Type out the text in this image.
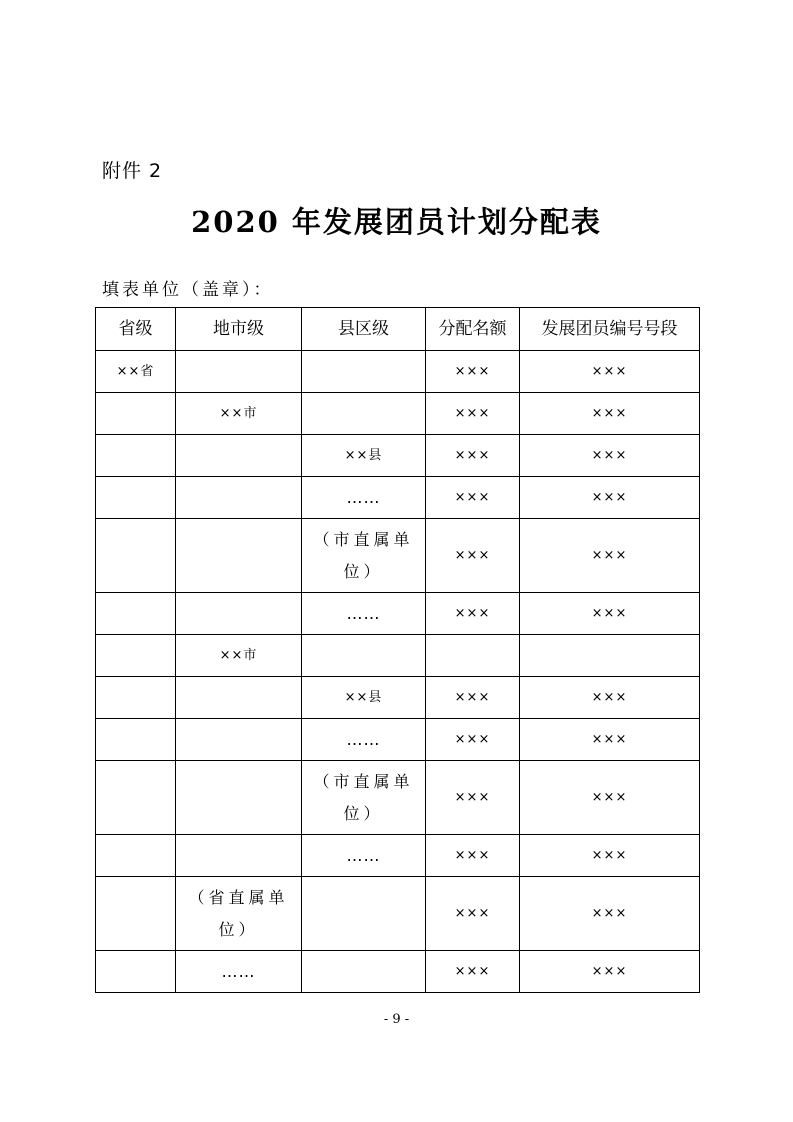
附件 2
2020 年发展团员计划分配表
填表单位（盖章）：
省级	地市级	县区级	分配名额	发展团员编号号段
××省			×××	×××
	××市		×××	×××
		××县	×××	×××
		……	×××	×××
		（市直属单位）	×××	×××
		……	×××	×××
	××市			
		××县	×××	×××
		……	×××	×××
		（市直属单位）	×××	×××
		……	×××	×××
	（省直属单位）		×××	×××
	……		×××	×××
- 9 -
